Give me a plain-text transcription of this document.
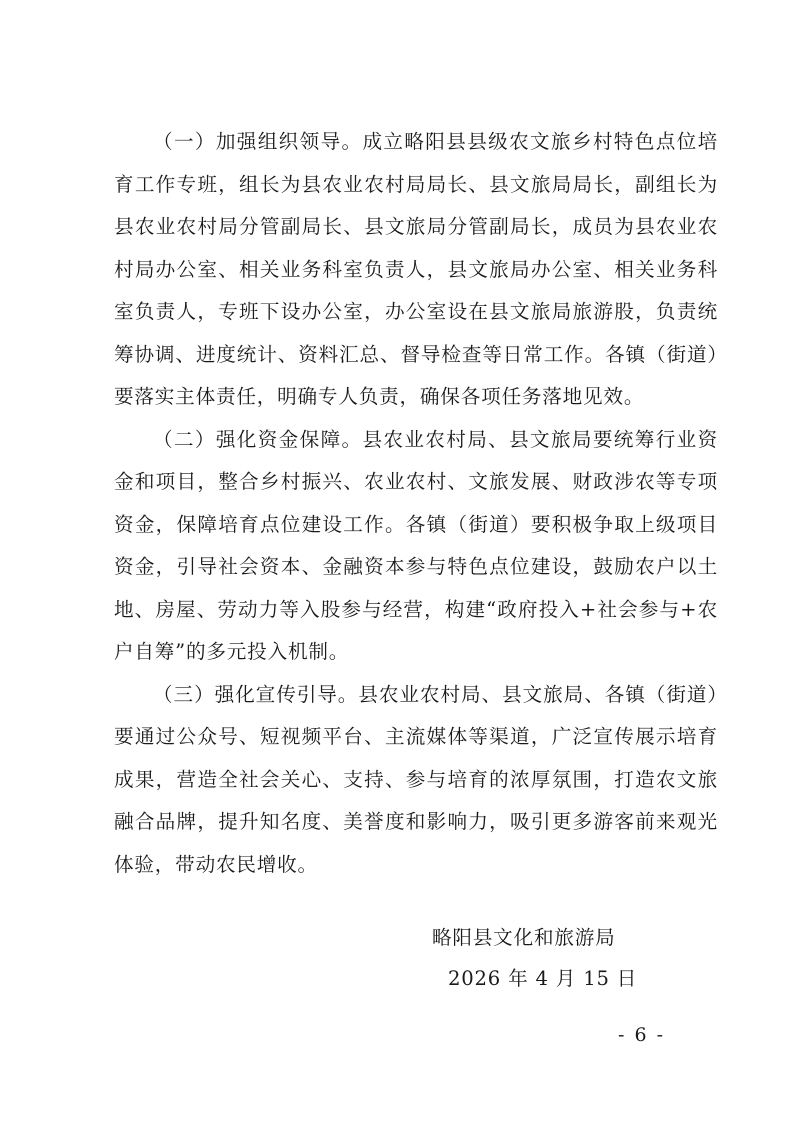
（一）加强组织领导。成立略阳县县级农文旅乡村特色点位培育工作专班，组长为县农业农村局局长、县文旅局局长，副组长为县农业农村局分管副局长、县文旅局分管副局长，成员为县农业农村局办公室、相关业务科室负责人，县文旅局办公室、相关业务科室负责人，专班下设办公室，办公室设在县文旅局旅游股，负责统筹协调、进度统计、资料汇总、督导检查等日常工作。各镇（街道）要落实主体责任，明确专人负责，确保各项任务落地见效。

（二）强化资金保障。县农业农村局、县文旅局要统筹行业资金和项目，整合乡村振兴、农业农村、文旅发展、财政涉农等专项资金，保障培育点位建设工作。各镇（街道）要积极争取上级项目资金，引导社会资本、金融资本参与特色点位建设，鼓励农户以土地、房屋、劳动力等入股参与经营，构建“政府投入+社会参与+农户自筹”的多元投入机制。

（三）强化宣传引导。县农业农村局、县文旅局、各镇（街道）要通过公众号、短视频平台、主流媒体等渠道，广泛宣传展示培育成果，营造全社会关心、支持、参与培育的浓厚氛围，打造农文旅融合品牌，提升知名度、美誉度和影响力，吸引更多游客前来观光体验，带动农民增收。

略阳县文化和旅游局
2026 年 4 月 15 日
- 6 -
